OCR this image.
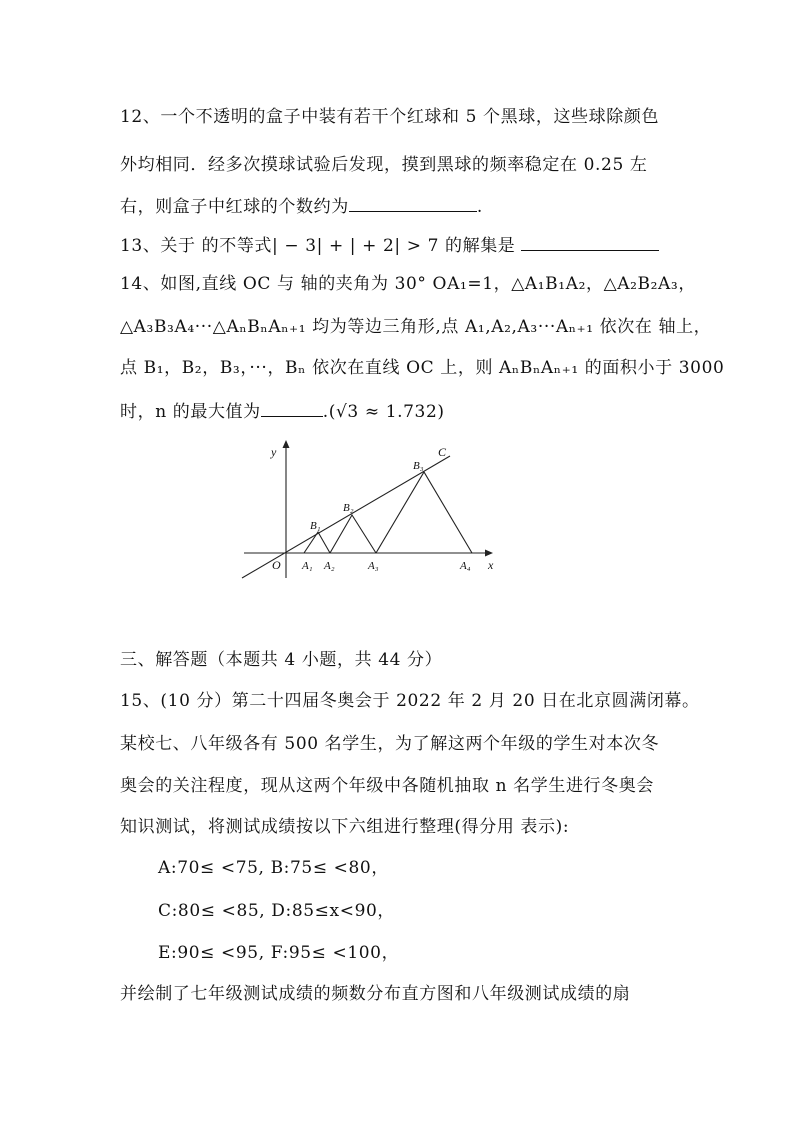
12、一个不透明的盒子中装有若干个红球和 5 个黑球，这些球除颜色
外均相同．经多次摸球试验后发现，摸到黑球的频率稳定在 0.25 左
右，则盒子中红球的个数约为	.
13、关于 的不等式| − 3| + | + 2| > 7 的解集是
14、如图,直线 OC 与 轴的夹角为 30° OA₁=1，△A₁B₁A₂，△A₂B₂A₃，
△A₃B₃A₄···△AₙBₙAₙ₊₁ 均为等边三角形,点 A₁,A₂,A₃···Aₙ₊₁ 依次在 轴上，
点 B₁，B₂，B₃，···，Bₙ 依次在直线 OC 上，则 AₙBₙAₙ₊₁ 的面积小于 3000
时，n 的最大值为	.(√3 ≈ 1.732)
y
x
O
C
B₁
B₂
B₃
A₁ A₂	A₃	A₄
三、解答题（本题共 4 小题，共 44 分）
15、(10 分）第二十四届冬奥会于 2022 年 2 月 20 日在北京圆满闭幕。
某校七、八年级各有 500 名学生，为了解这两个年级的学生对本次冬
奥会的关注程度，现从这两个年级中各随机抽取 n 名学生进行冬奥会
知识测试，将测试成绩按以下六组进行整理(得分用 表示):
A:70≤ <75, B:75≤ <80，
C:80≤ <85, D:85≤x<90，
E:90≤ <95, F:95≤ <100，
并绘制了七年级测试成绩的频数分布直方图和八年级测试成绩的扇
